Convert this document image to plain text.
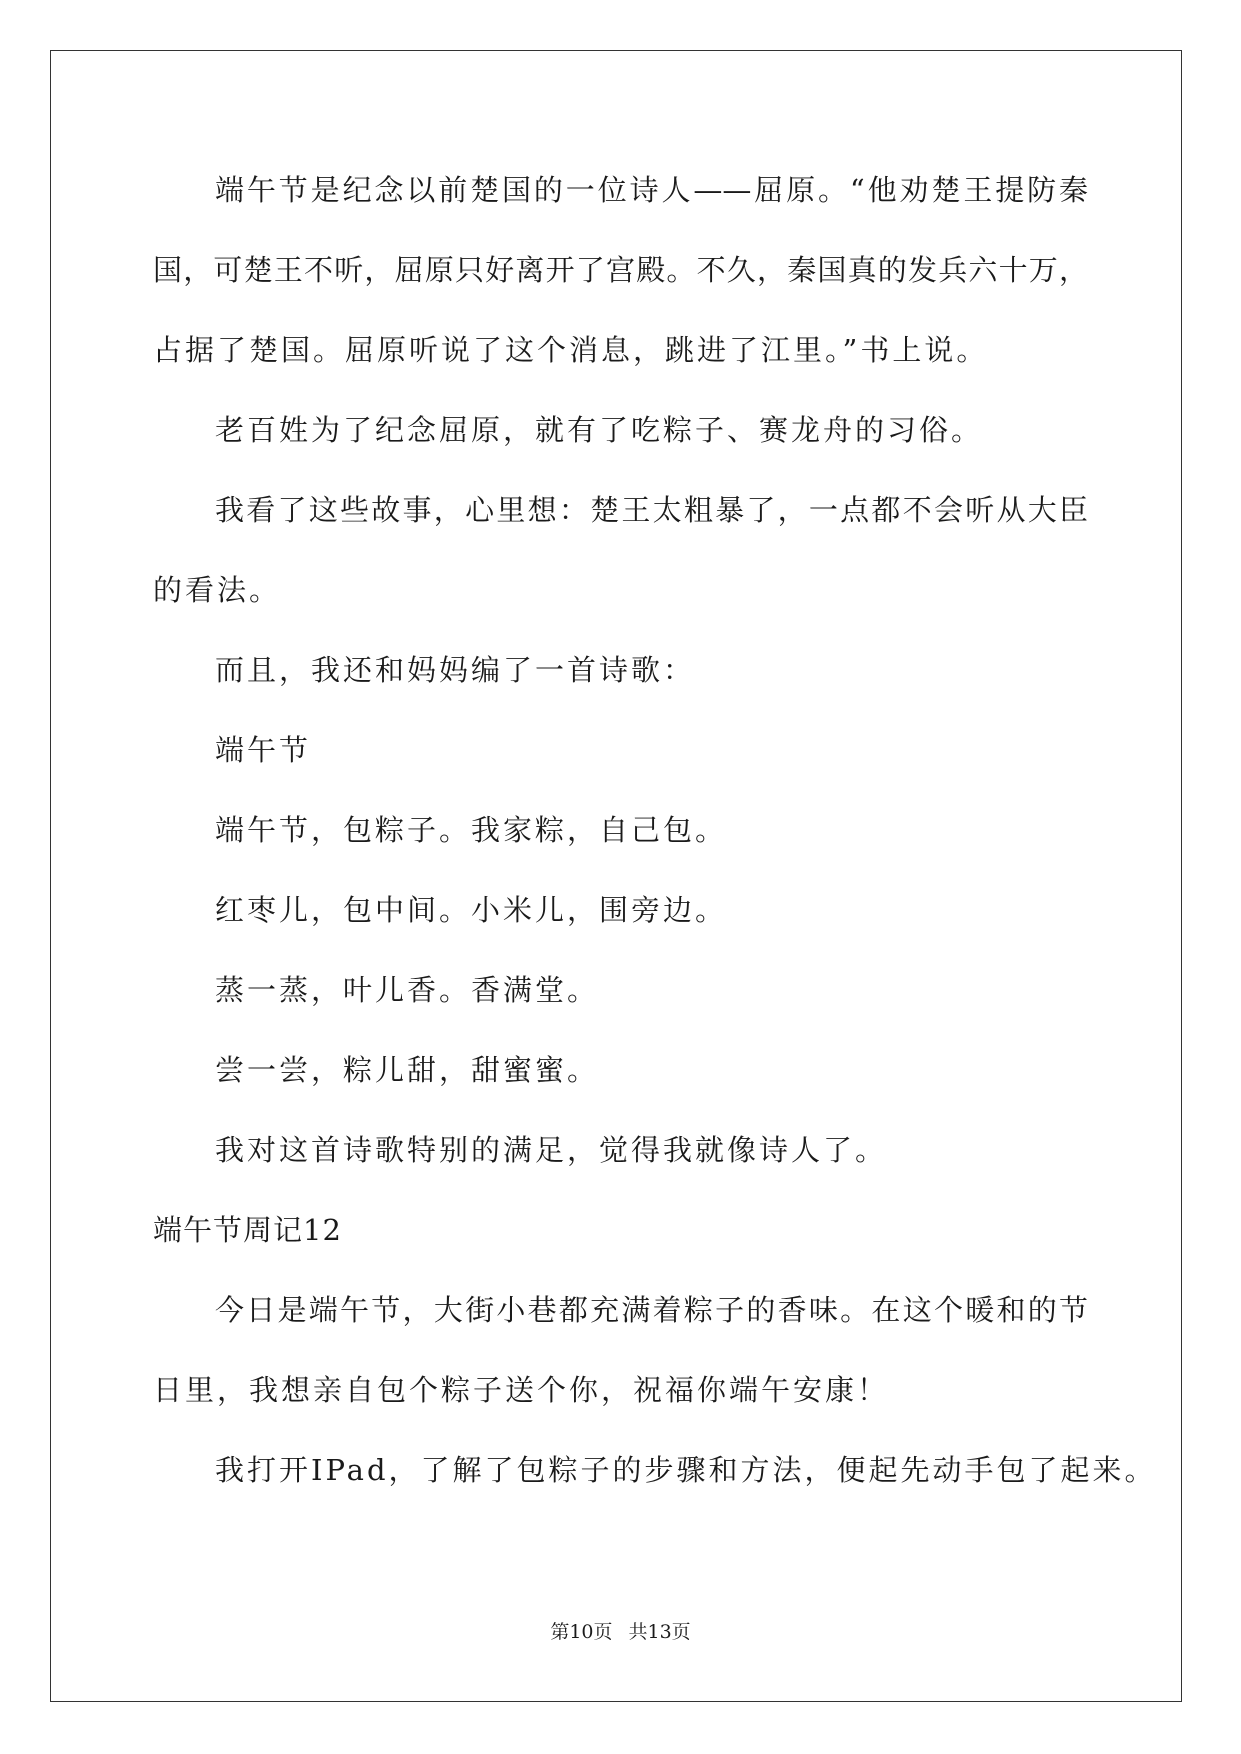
端午节是纪念以前楚国的一位诗人——屈原。“他劝楚王提防秦
国，可楚王不听，屈原只好离开了宫殿。不久，秦国真的发兵六十万，
占据了楚国。屈原听说了这个消息，跳进了江里。”书上说。
老百姓为了纪念屈原，就有了吃粽子、赛龙舟的习俗。
我看了这些故事，心里想：楚王太粗暴了，一点都不会听从大臣
的看法。
而且，我还和妈妈编了一首诗歌：
端午节
端午节，包粽子。我家粽，自己包。
红枣儿，包中间。小米儿，围旁边。
蒸一蒸，叶儿香。香满堂。
尝一尝，粽儿甜，甜蜜蜜。
我对这首诗歌特别的满足，觉得我就像诗人了。
端午节周记12
今日是端午节，大街小巷都充满着粽子的香味。在这个暖和的节
日里，我想亲自包个粽子送个你，祝福你端午安康！
我打开IPad，了解了包粽子的步骤和方法，便起先动手包了起来。
第10页 共13页
